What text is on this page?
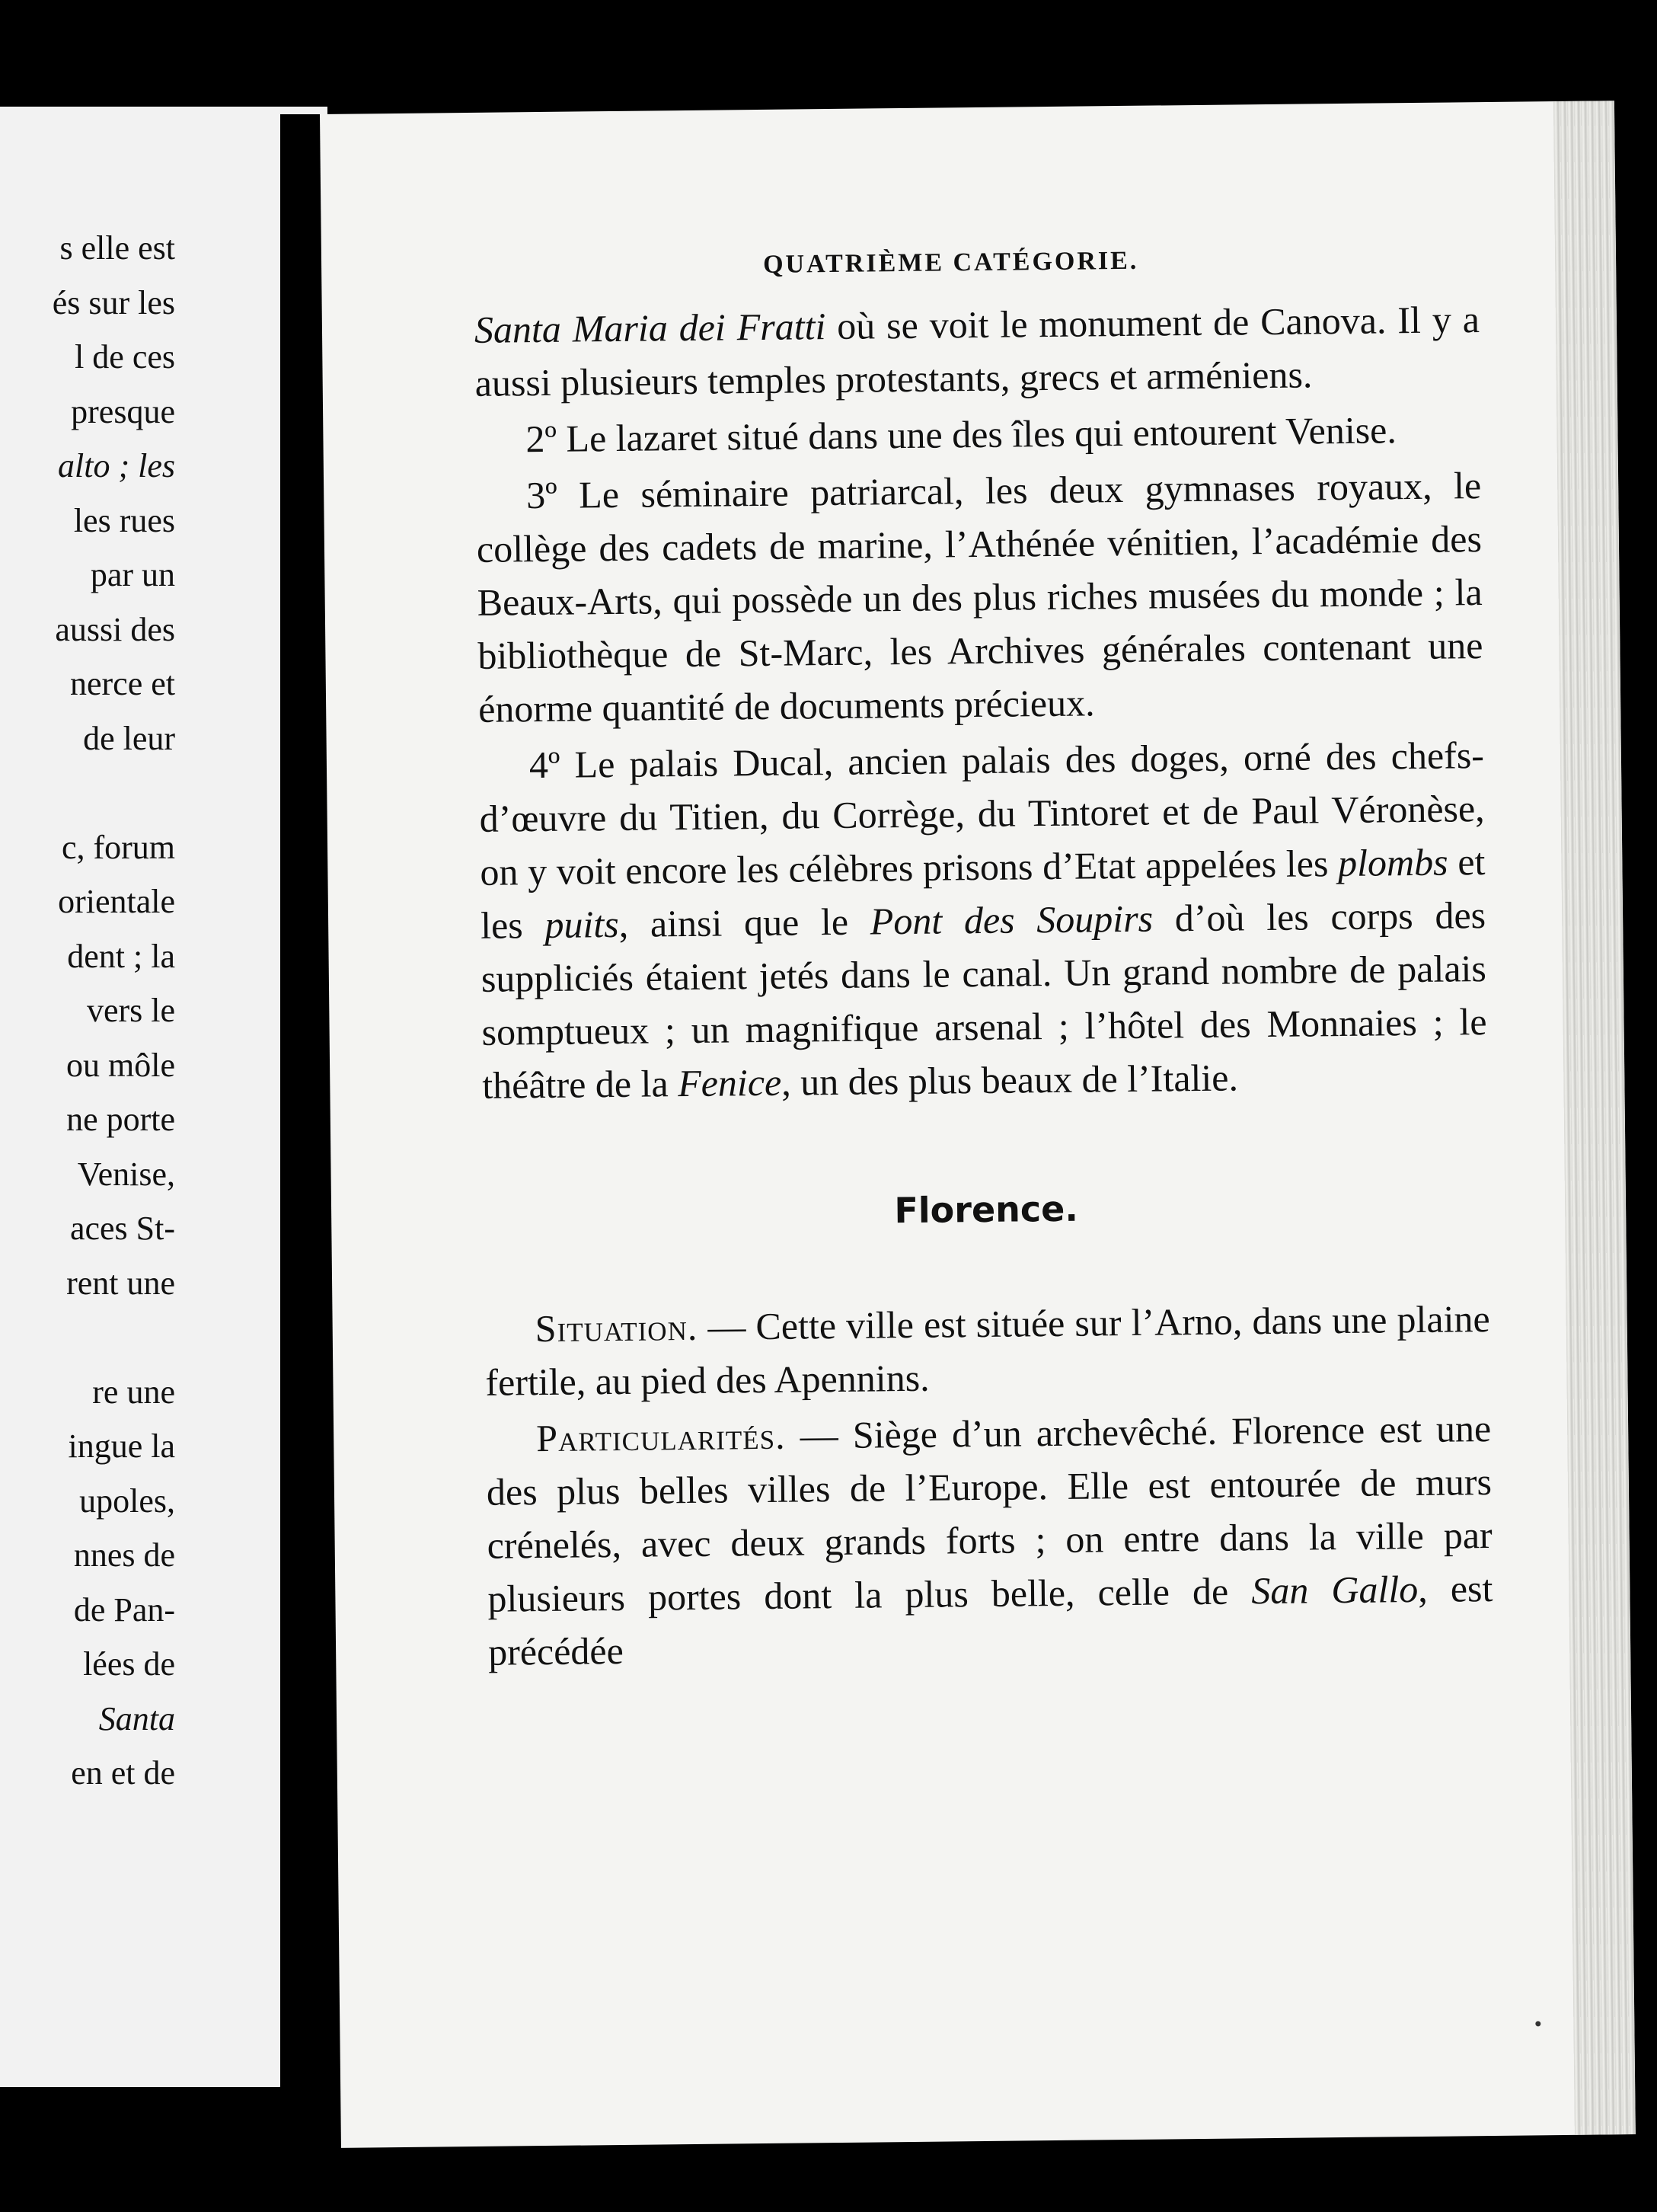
s elle est
és sur les
l de ces
presque
alto ; les
les rues
par un
aussi des
nerce et
de leur
c, forum
orientale
dent ; la
vers le
ou môle
ne porte
Venise,
aces St-
rent une
re une
ingue la
upoles,
nnes de
de Pan-
lées de
Santa
en et de
QUATRIÈME CATÉGORIE.

Santa Maria dei Fratti où se voit le monument de Canova. Il y a aussi plusieurs temples protestants, grecs et arméniens.

2º Le lazaret situé dans une des îles qui entourent Venise.

3º Le séminaire patriarcal, les deux gymnases royaux, le collège des cadets de marine, l’Athénée vénitien, l’académie des Beaux-Arts, qui possède un des plus riches musées du monde ; la bibliothèque de St-Marc, les Archives générales contenant une énorme quantité de documents précieux.

4º Le palais Ducal, ancien palais des doges, orné des chefs-d’œuvre du Titien, du Corrège, du Tintoret et de Paul Véronèse, on y voit encore les célèbres prisons d’Etat appelées les plombs et les puits, ainsi que le Pont des Soupirs d’où les corps des suppliciés étaient jetés dans le canal. Un grand nombre de palais somptueux ; un magnifique arsenal ; l’hôtel des Monnaies ; le théâtre de la Fenice, un des plus beaux de l’Italie.

Florence.

Situation. — Cette ville est située sur l’Arno, dans une plaine fertile, au pied des Apennins.

Particularités. — Siège d’un archevêché. Florence est une des plus belles villes de l’Europe. Elle est entourée de murs crénelés, avec deux grands forts ; on entre dans la ville par plusieurs portes dont la plus belle, celle de San Gallo, est précédée
